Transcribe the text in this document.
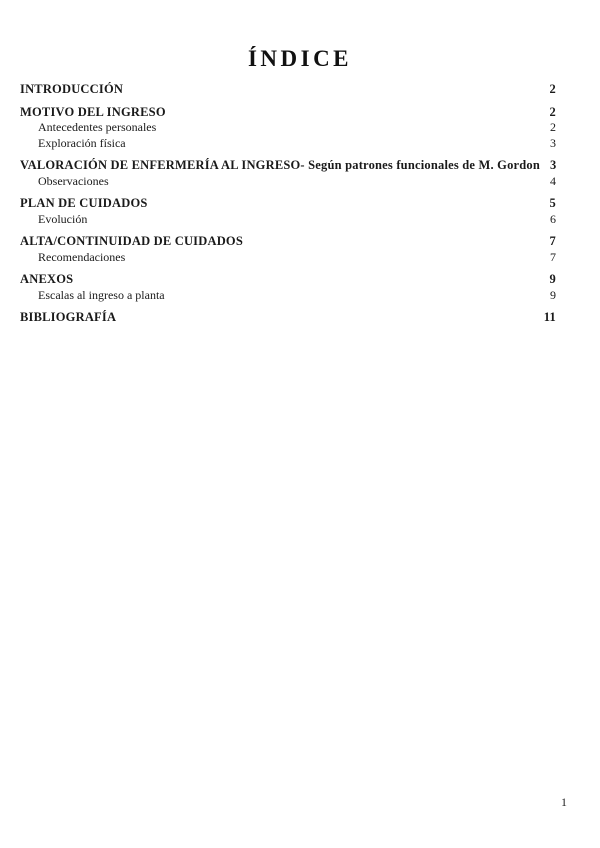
ÍNDICE
INTRODUCCIÓN	2
MOTIVO DEL INGRESO	2
Antecedentes personales	2
Exploración física	3
VALORACIÓN DE ENFERMERÍA AL INGRESO- Según patrones funcionales de M. Gordon 3
Observaciones	4
PLAN DE CUIDADOS	5
Evolución	6
ALTA/CONTINUIDAD DE CUIDADOS	7
Recomendaciones	7
ANEXOS	9
Escalas al ingreso a planta	9
BIBLIOGRAFÍA	11
1
